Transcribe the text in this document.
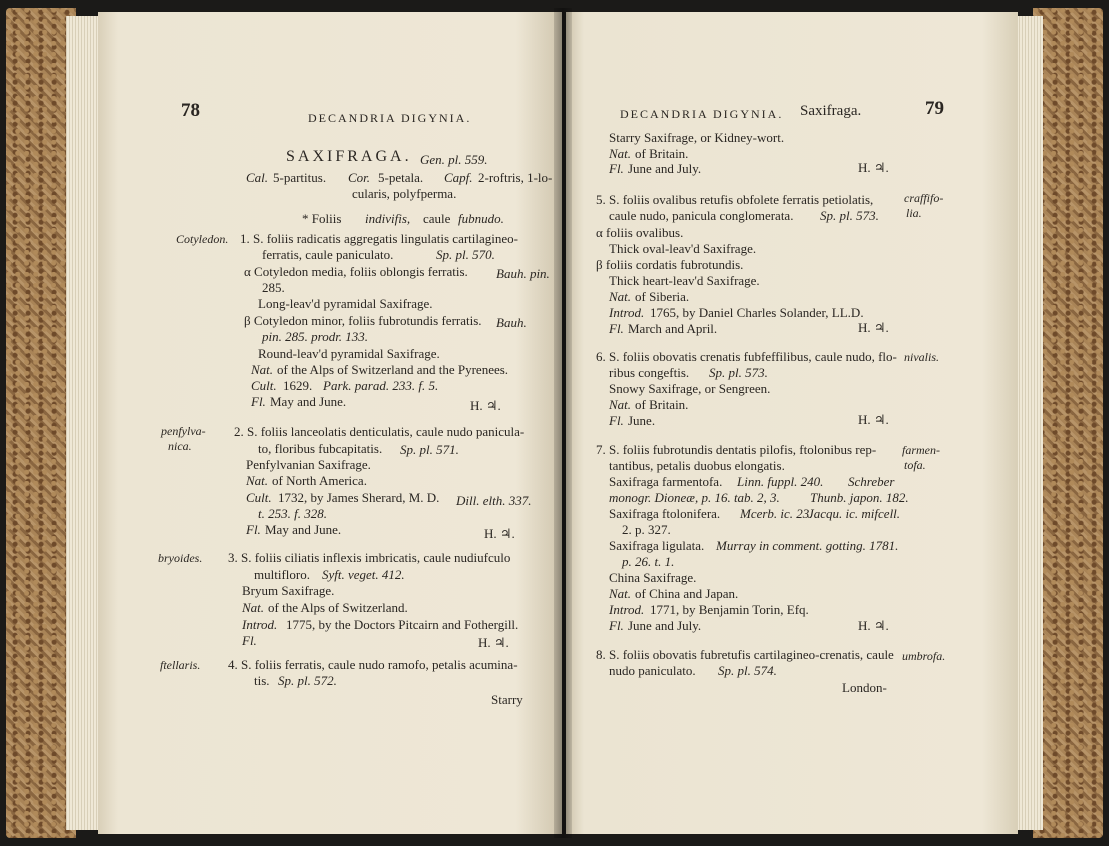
78	DECANDRIA DIGYNIA.
SAXIFRAGA. Gen. pl. 559.
Cal. 5-partitus. Cor. 5-petala. Capf. 2-roftris, 1-lo-
cularis, polyfperma.
* Foliis indivifis, caule fubnudo.
Cotyledon. 1. S. foliis radicatis aggregatis lingulatis cartilagineo-
ferratis, caule paniculato.	Sp. pl. 570.
α Cotyledon media, foliis oblongis ferratis. Bauh. pin.
285.
Long-leav'd pyramidal Saxifrage.
β Cotyledon minor, foliis fubrotundis ferratis. Bauh.
pin. 285. prodr. 133.
Round-leav'd pyramidal Saxifrage.
Nat. of the Alps of Switzerland and the Pyrenees.
Cult. 1629. Park. parad. 233. f. 5.
Fl. May and June.	H. ♃.
penfylva-
nica.
2. S. foliis lanceolatis denticulatis, caule nudo panicula-
to, floribus fubcapitatis. Sp. pl. 571.
Penfylvanian Saxifrage.
Nat. of North America.
Cult. 1732, by James Sherard, M. D. Dill. elth. 337.
t. 253. f. 328.
Fl. May and June.	H. ♃.
bryoides. 3. S. foliis ciliatis inflexis imbricatis, caule nudiufculo
multifloro. Syft. veget. 412.
Bryum Saxifrage.
Nat. of the Alps of Switzerland.
Introd. 1775, by the Doctors Pitcairn and Fothergill.
Fl.	H. ♃.
ftellaris. 4. S. foliis ferratis, caule nudo ramofo, petalis acumina-
tis. Sp. pl. 572.
Starry
DECANDRIA DIGYNIA. Saxifraga.	79
Starry Saxifrage, or Kidney-wort.
Nat. of Britain.
Fl. June and July.	H. ♃.
5. S. foliis ovalibus retufis obfolete ferratis petiolatis,	craffifo-
lia.
caule nudo, panicula conglomerata. Sp. pl. 573.
α foliis ovalibus.
Thick oval-leav'd Saxifrage.
β foliis cordatis fubrotundis.
Thick heart-leav'd Saxifrage.
Nat. of Siberia.
Introd. 1765, by Daniel Charles Solander, LL.D.
Fl. March and April.	H. ♃.
6. S. foliis obovatis crenatis fubfeffilibus, caule nudo, flo- nivalis.
ribus congeftis. Sp. pl. 573.
Snowy Saxifrage, or Sengreen.
Nat. of Britain.
Fl. June.	H. ♃.
7. S. foliis fubrotundis dentatis pilofis, ftolonibus rep- farmen-
tofa.
tantibus, petalis duobus elongatis.
Saxifraga farmentofa. Linn. fuppl. 240. Schreber
monogr. Dioneæ, p. 16. tab. 2, 3. Thunb. japon. 182.
Saxifraga ftolonifera. Mcerb. ic. 23.
Jacqu. ic. mifcell.
2. p. 327.
Saxifraga ligulata. Murray in comment. gotting. 1781.
p. 26. t. 1.
China Saxifrage.
Nat. of China and Japan.
Introd. 1771, by Benjamin Torin, Efq.
Fl. June and July.	H. ♃.
8. S. foliis obovatis fubretufis cartilagineo-crenatis, caule umbrofa.
nudo paniculato. Sp. pl. 574.
London-
